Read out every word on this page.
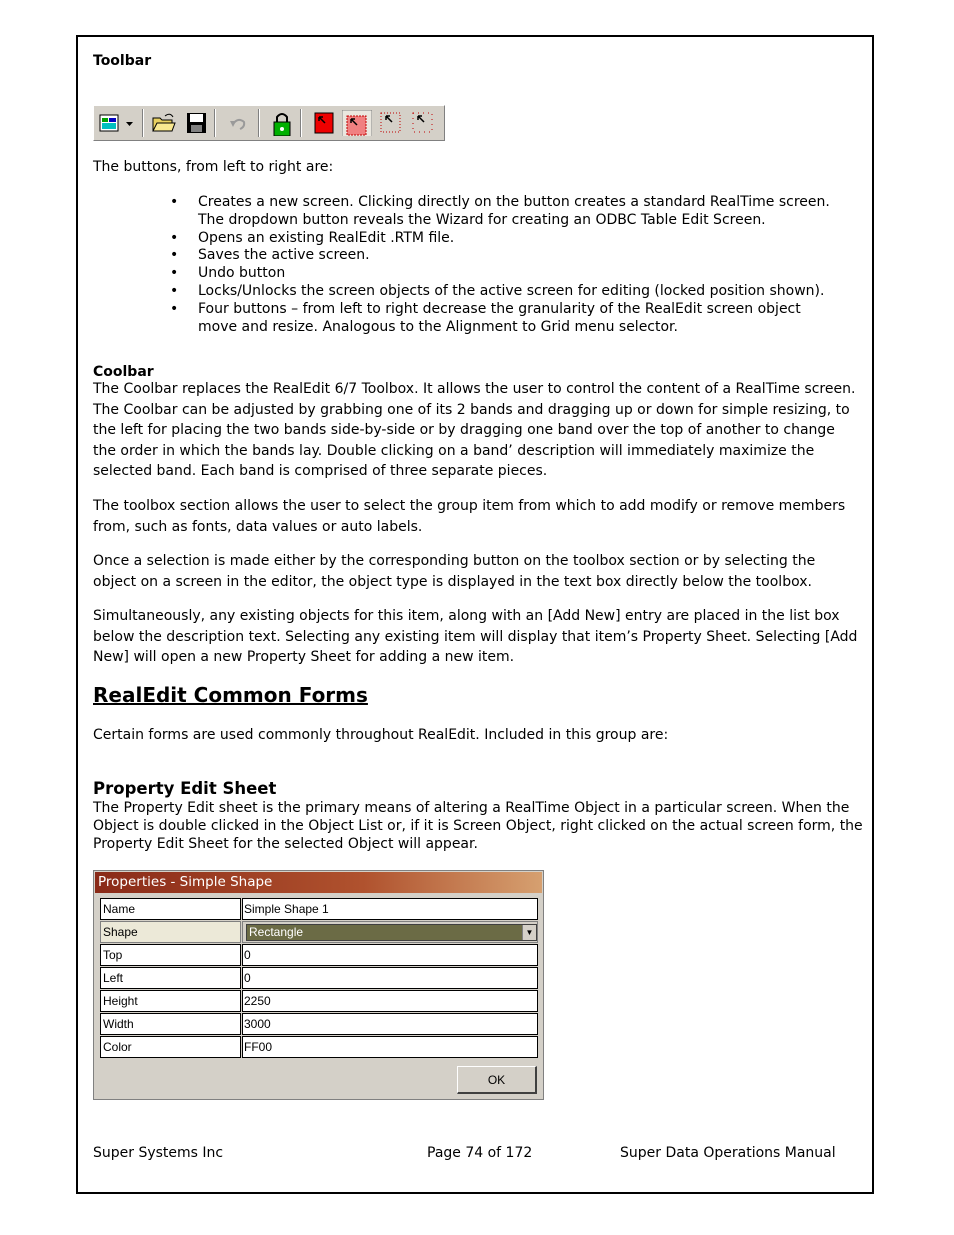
Toolbar
The buttons, from left to right are:
• Creates a new screen. Clicking directly on the button creates a standard RealTime screen. The dropdown button reveals the Wizard for creating an ODBC Table Edit Screen.
• Opens an existing RealEdit .RTM file.
• Saves the active screen.
• Undo button
• Locks/Unlocks the screen objects of the active screen for editing (locked position shown).
• Four buttons – from left to right decrease the granularity of the RealEdit screen object move and resize. Analogous to the Alignment to Grid menu selector.
Coolbar
The Coolbar replaces the RealEdit 6/7 Toolbox. It allows the user to control the content of a RealTime screen. The Coolbar can be adjusted by grabbing one of its 2 bands and dragging up or down for simple resizing, to the left for placing the two bands side-by-side or by dragging one band over the top of another to change the order in which the bands lay. Double clicking on a band’ description will immediately maximize the selected band. Each band is comprised of three separate pieces.
The toolbox section allows the user to select the group item from which to add modify or remove members from, such as fonts, data values or auto labels.
Once a selection is made either by the corresponding button on the toolbox section or by selecting the object on a screen in the editor, the object type is displayed in the text box directly below the toolbox.
Simultaneously, any existing objects for this item, along with an [Add New] entry are placed in the list box below the description text. Selecting any existing item will display that item’s Property Sheet. Selecting [Add New] will open a new Property Sheet for adding a new item.
RealEdit Common Forms
Certain forms are used commonly throughout RealEdit. Included in this group are:
Property Edit Sheet
The Property Edit sheet is the primary means of altering a RealTime Object in a particular screen. When the Object is double clicked in the Object List or, if it is Screen Object, right clicked on the actual screen form, the Property Edit Sheet for the selected Object will appear.
Properties - Simple Shape
Name	Simple Shape 1
Shape	Rectangle	▼
Top	0
Left	0
Height	2250
Width	3000
Color	FF00
OK
Super Systems Inc	Page 74 of 172	Super Data Operations Manual
